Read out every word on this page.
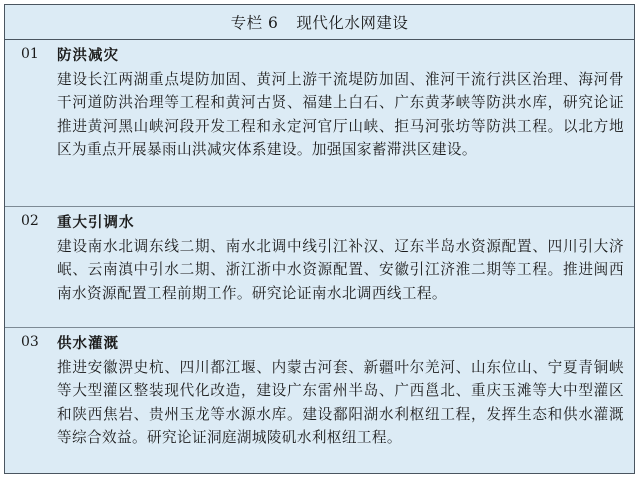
专栏 6 现代化水网建设
01	防洪减灾
建设长江两湖重点堤防加固、黄河上游干流堤防加固、淮河干流行洪区治理、海河骨干河道防洪治理等工程和黄河古贤、福建上白石、广东黄茅峡等防洪水库，研究论证推进黄河黑山峡河段开发工程和永定河官厅山峡、拒马河张坊等防洪工程。以北方地区为重点开展暴雨山洪减灾体系建设。加强国家蓄滞洪区建设。
02	重大引调水
建设南水北调东线二期、南水北调中线引江补汉、辽东半岛水资源配置、四川引大济岷、云南滇中引水二期、浙江浙中水资源配置、安徽引江济淮二期等工程。推进闽西南水资源配置工程前期工作。研究论证南水北调西线工程。
03	供水灌溉
推进安徽淠史杭、四川都江堰、内蒙古河套、新疆叶尔羌河、山东位山、宁夏青铜峡等大型灌区整装现代化改造，建设广东雷州半岛、广西邕北、重庆玉滩等大中型灌区和陕西焦岩、贵州玉龙等水源水库。建设鄱阳湖水利枢纽工程，发挥生态和供水灌溉等综合效益。研究论证洞庭湖城陵矶水利枢纽工程。
